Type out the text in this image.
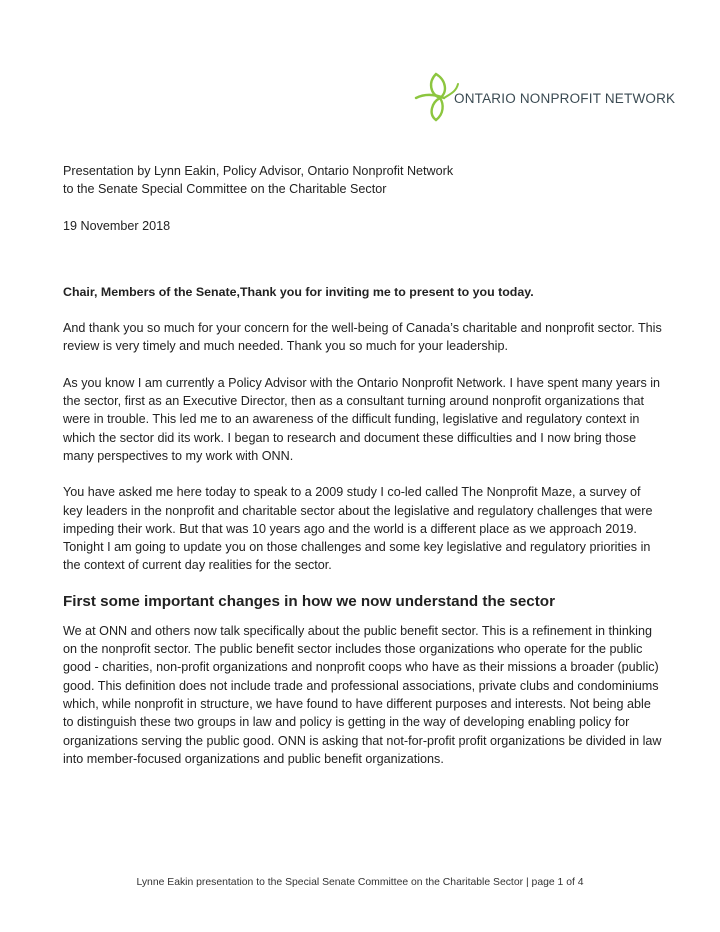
ONTARIO NONPROFIT NETWORK

Presentation by Lynn Eakin, Policy Advisor, Ontario Nonprofit Network
to the Senate Special Committee on the Charitable Sector

19 November 2018

Chair, Members of the Senate,Thank you for inviting me to present to you today.

And thank you so much for your concern for the well-being of Canada’s charitable and nonprofit sector. This review is very timely and much needed. Thank you so much for your leadership.

As you know I am currently a Policy Advisor with the Ontario Nonprofit Network. I have spent many years in the sector, first as an Executive Director, then as a consultant turning around nonprofit organizations that were in trouble. This led me to an awareness of the difficult funding, legislative and regulatory context in which the sector did its work. I began to research and document these difficulties and I now bring those many perspectives to my work with ONN.

You have asked me here today to speak to a 2009 study I co-led called The Nonprofit Maze, a survey of key leaders in the nonprofit and charitable sector about the legislative and regulatory challenges that were impeding their work. But that was 10 years ago and the world is a different place as we approach 2019. Tonight I am going to update you on those challenges and some key legislative and regulatory priorities in the context of current day realities for the sector.

First some important changes in how we now understand the sector

We at ONN and others now talk specifically about the public benefit sector. This is a refinement in thinking on the nonprofit sector. The public benefit sector includes those organizations who operate for the public good - charities, non-profit organizations and nonprofit coops who have as their missions a broader (public) good. This definition does not include trade and professional associations, private clubs and condominiums which, while nonprofit in structure, we have found to have different purposes and interests. Not being able to distinguish these two groups in law and policy is getting in the way of developing enabling policy for organizations serving the public good. ONN is asking that not-for-profit profit organizations be divided in law into member-focused organizations and public benefit organizations.

Lynne Eakin presentation to the Special Senate Committee on the Charitable Sector | page 1 of 4
